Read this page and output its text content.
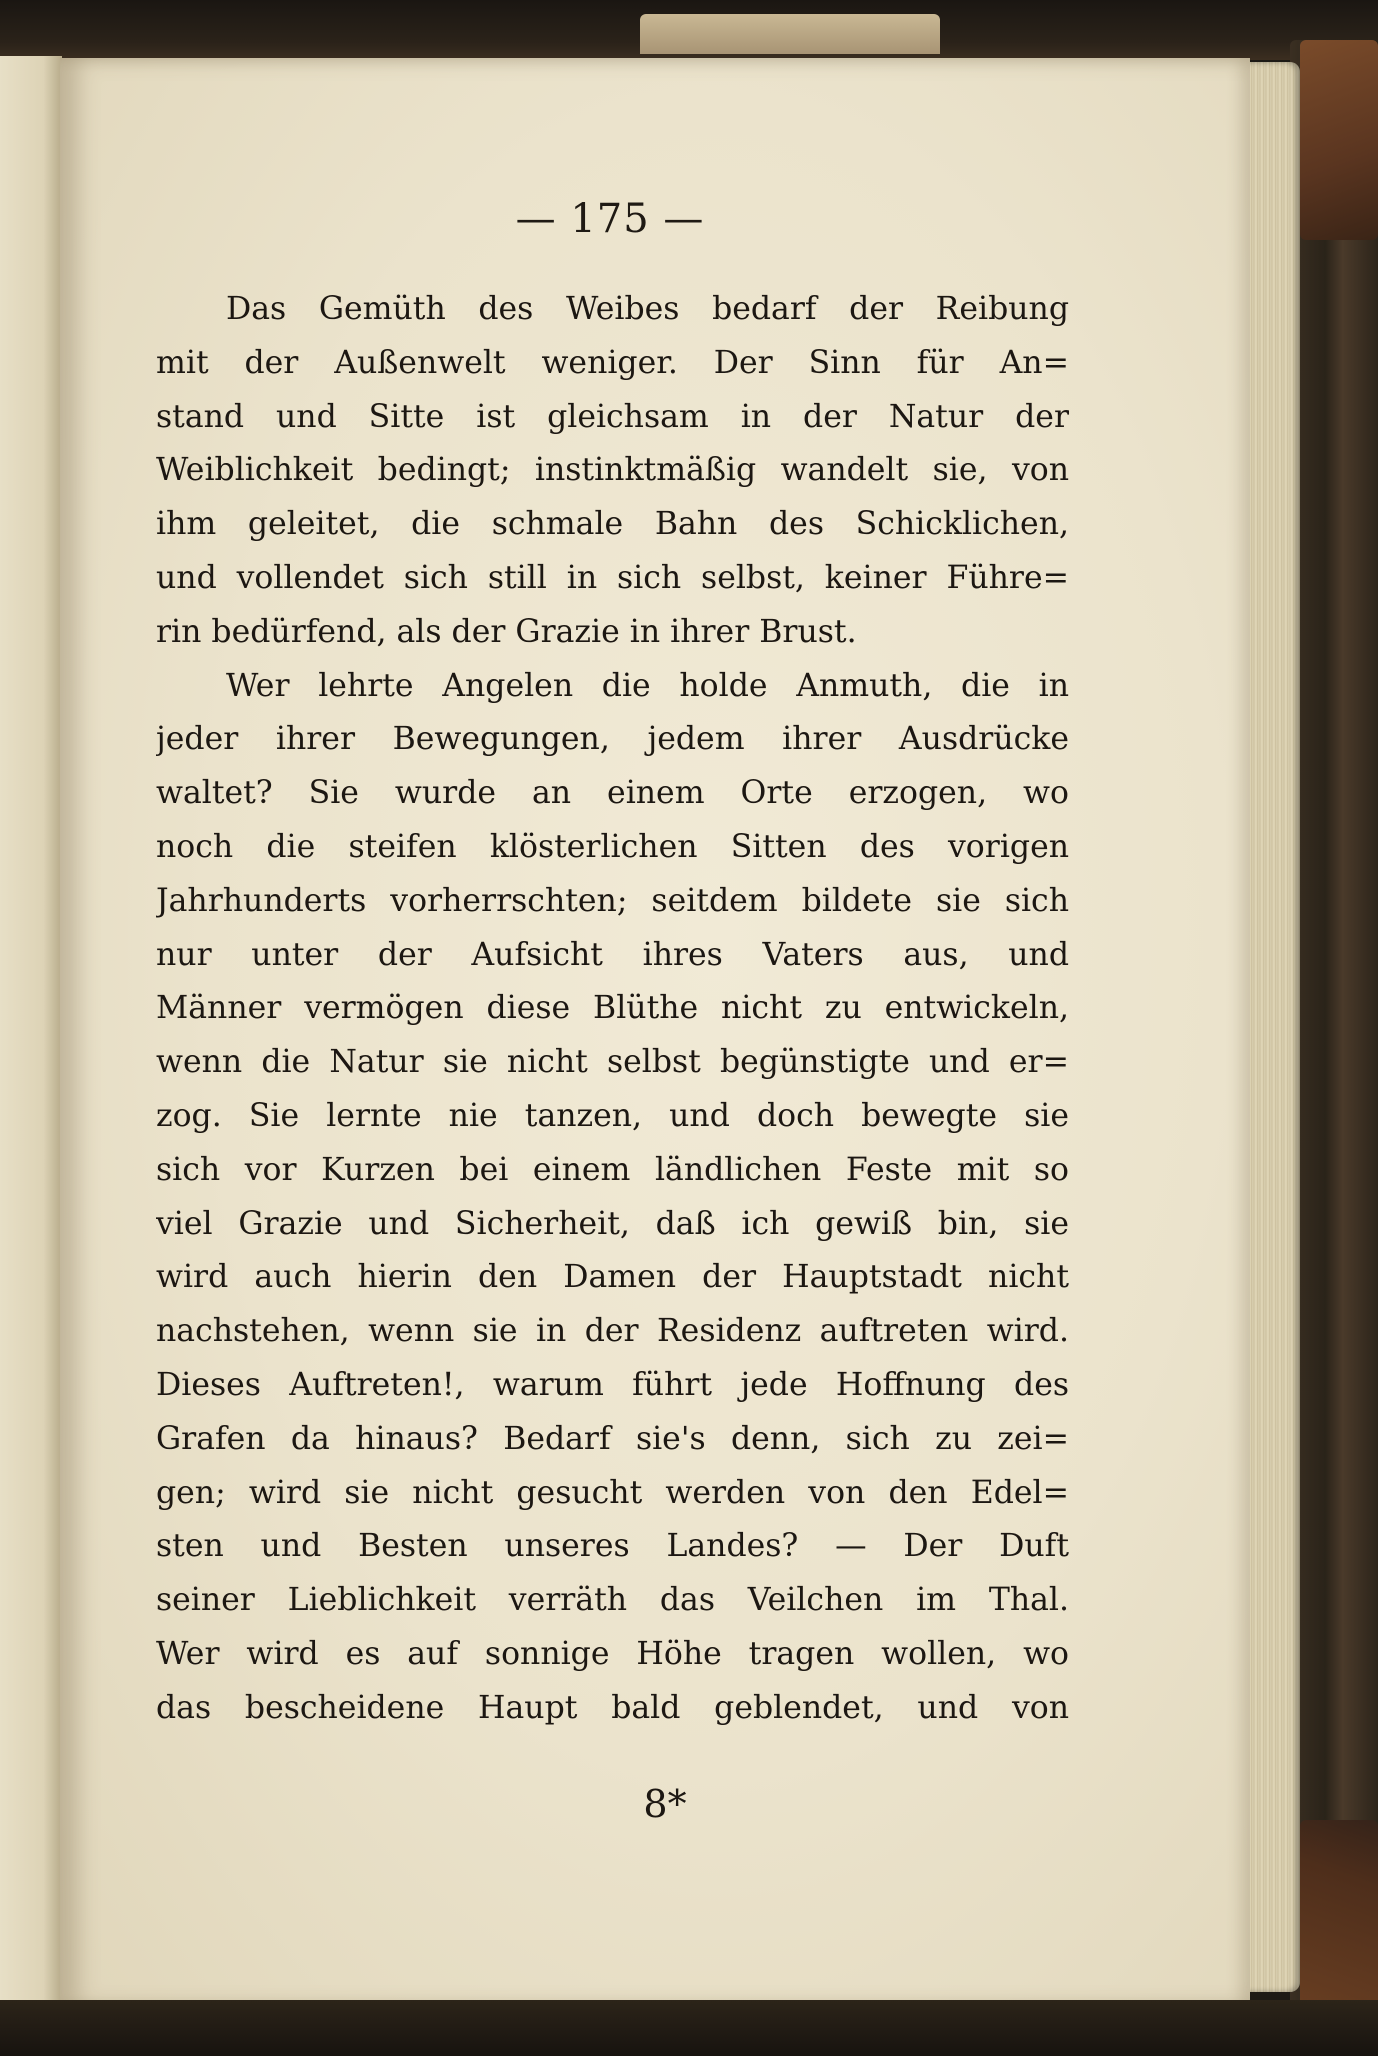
— 175 —
Das Gemüth des Weibes bedarf der Reibung
mit der Außenwelt weniger. Der Sinn für An=
stand und Sitte ist gleichsam in der Natur der
Weiblichkeit bedingt; instinktmäßig wandelt sie, von
ihm geleitet, die schmale Bahn des Schicklichen,
und vollendet sich still in sich selbst, keiner Führe=
rin bedürfend, als der Grazie in ihrer Brust.
Wer lehrte Angelen die holde Anmuth, die in
jeder ihrer Bewegungen, jedem ihrer Ausdrücke
waltet? Sie wurde an einem Orte erzogen, wo
noch die steifen klösterlichen Sitten des vorigen
Jahrhunderts vorherrschten; seitdem bildete sie sich
nur unter der Aufsicht ihres Vaters aus, und
Männer vermögen diese Blüthe nicht zu entwickeln,
wenn die Natur sie nicht selbst begünstigte und er=
zog. Sie lernte nie tanzen, und doch bewegte sie
sich vor Kurzen bei einem ländlichen Feste mit so
viel Grazie und Sicherheit, daß ich gewiß bin, sie
wird auch hierin den Damen der Hauptstadt nicht
nachstehen, wenn sie in der Residenz auftreten wird.
Dieses Auftreten!, warum führt jede Hoffnung des
Grafen da hinaus? Bedarf sie's denn, sich zu zei=
gen; wird sie nicht gesucht werden von den Edel=
sten und Besten unseres Landes? — Der Duft
seiner Lieblichkeit verräth das Veilchen im Thal.
Wer wird es auf sonnige Höhe tragen wollen, wo
das bescheidene Haupt bald geblendet, und von
8*
